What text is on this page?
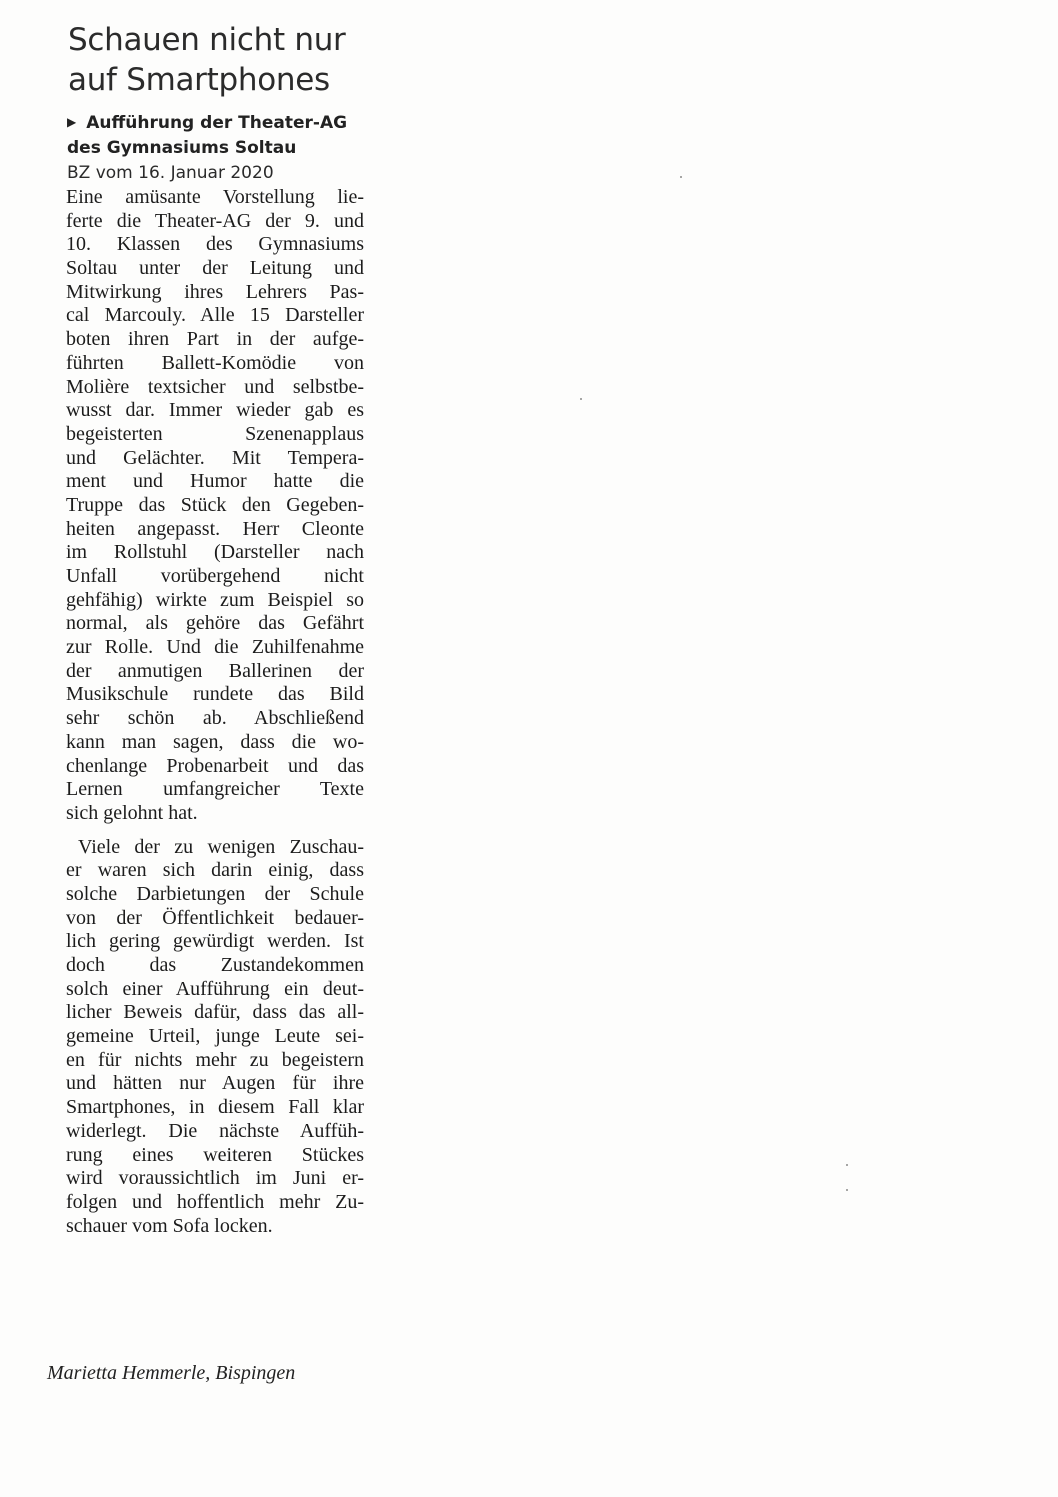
Schauen nicht nur
auf Smartphones
▶ Aufführung der Theater-AG
des Gymnasiums Soltau
BZ vom 16. Januar 2020
Eine amüsante Vorstellung lie-
ferte die Theater-AG der 9. und
10. Klassen des Gymnasiums
Soltau unter der Leitung und
Mitwirkung ihres Lehrers Pas-
cal Marcouly. Alle 15 Darsteller
boten ihren Part in der aufge-
führten Ballett-Komödie von
Molière textsicher und selbstbe-
wusst dar. Immer wieder gab es
begeisterten Szenenapplaus
und Gelächter. Mit Tempera-
ment und Humor hatte die
Truppe das Stück den Gegeben-
heiten angepasst. Herr Cleonte
im Rollstuhl (Darsteller nach
Unfall vorübergehend nicht
gehfähig) wirkte zum Beispiel so
normal, als gehöre das Gefährt
zur Rolle. Und die Zuhilfenahme
der anmutigen Ballerinen der
Musikschule rundete das Bild
sehr schön ab. Abschließend
kann man sagen, dass die wo-
chenlange Probenarbeit und das
Lernen umfangreicher Texte
sich gelohnt hat.
Viele der zu wenigen Zuschau-
er waren sich darin einig, dass
solche Darbietungen der Schule
von der Öffentlichkeit bedauer-
lich gering gewürdigt werden. Ist
doch das Zustandekommen
solch einer Aufführung ein deut-
licher Beweis dafür, dass das all-
gemeine Urteil, junge Leute sei-
en für nichts mehr zu begeistern
und hätten nur Augen für ihre
Smartphones, in diesem Fall klar
widerlegt. Die nächste Auffüh-
rung eines weiteren Stückes
wird voraussichtlich im Juni er-
folgen und hoffentlich mehr Zu-
schauer vom Sofa locken.
Marietta Hemmerle, Bispingen
